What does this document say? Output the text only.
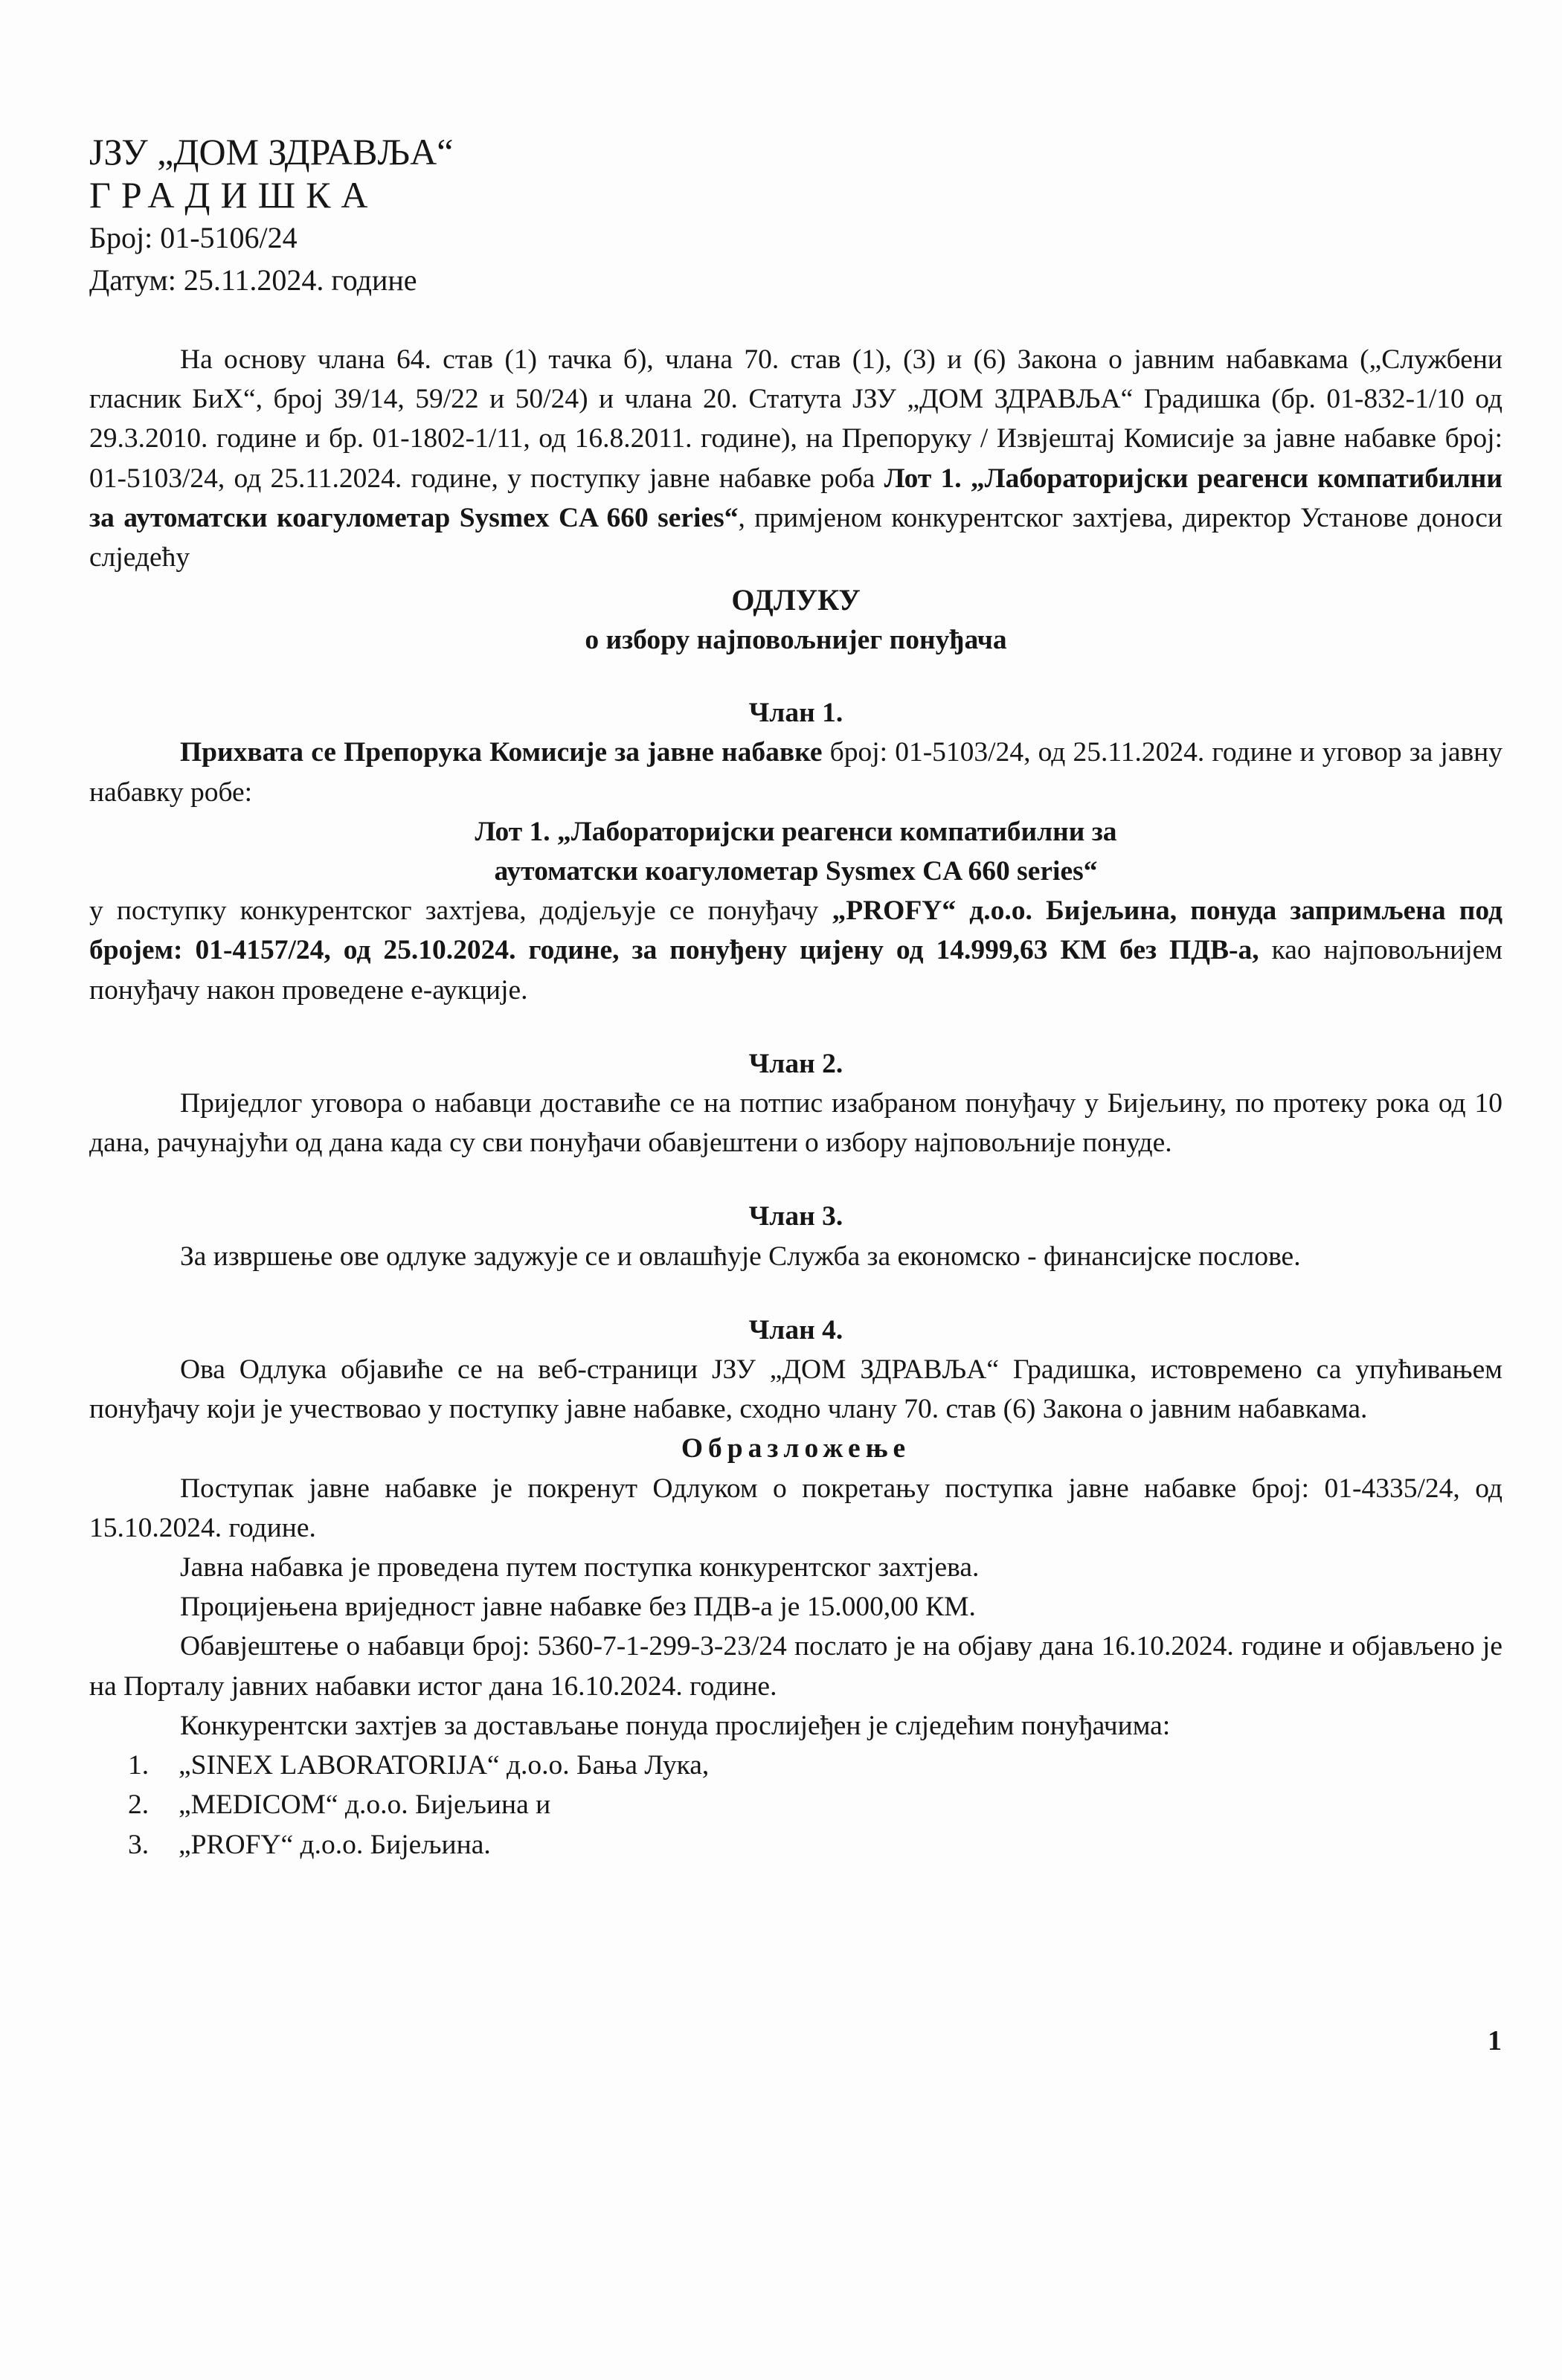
ЈЗУ „ДОМ ЗДРАВЉА“
ГРАДИШКА
Број: 01-5106/24
Датум: 25.11.2024. године

На основу члана 64. став (1) тачка б), члана 70. став (1), (3) и (6) Закона о јавним набавкама („Службени гласник БиХ“, број 39/14, 59/22 и 50/24) и члана 20. Статута ЈЗУ „ДОМ ЗДРАВЉА“ Градишка (бр. 01-832-1/10 од 29.3.2010. године и бр. 01-1802-1/11, од 16.8.2011. године), на Препоруку / Извјештај Комисије за јавне набавке број: 01-5103/24, од 25.11.2024. године, у поступку јавне набавке роба Лот 1. „Лабораторијски реагенси компатибилни за аутоматски коагулометар Sysmex CA 660 series“, примјеном конкурентског захтјева, директор Установе доноси слједећу

ОДЛУКУ
о избору најповољнијег понуђача
Члан 1.

Прихвата се Препорука Комисије за јавне набавке број: 01-5103/24, од 25.11.2024. године и уговор за јавну набавку робе:

Лот 1. „Лабораторијски реагенси компатибилни за
аутоматски коагулометар Sysmex CA 660 series“

у поступку конкурентског захтјева, додјељује се понуђачу „PROFY“ д.о.о. Бијељина, понуда запримљена под бројем: 01-4157/24, од 25.10.2024. године, за понуђену цијену од 14.999,63 КМ без ПДВ-а, као најповољнијем понуђачу након проведене е-аукције.

Члан 2.

Приједлог уговора о набавци доставиће се на потпис изабраном понуђачу у Бијељину, по протеку рока од 10 дана, рачунајући од дана када су сви понуђачи обавјештени о избору најповољније понуде.

Члан 3.

За извршење ове одлуке задужује се и овлашћује Служба за економско - финансијске послове.

Члан 4.

Ова Одлука објавиће се на веб-страници ЈЗУ „ДОМ ЗДРАВЉА“ Градишка, истовремено са упућивањем понуђачу који је учествовао у поступку јавне набавке, сходно члану 70. став (6) Закона о јавним набавкама.

Образложење

Поступак јавне набавке је покренут Одлуком о покретању поступка јавне набавке број: 01-4335/24, од 15.10.2024. године.

Јавна набавка је проведена путем поступка конкурентског захтјева.

Процијењена вриједност јавне набавке без ПДВ-а је 15.000,00 КМ.

Обавјештење о набавци број: 5360-7-1-299-3-23/24 послато је на објаву дана 16.10.2024. године и објављено је на Порталу јавних набавки истог дана 16.10.2024. године.

Конкурентски захтјев за достављање понуда прослијеђен је слједећим понуђачима:

1.	„SINEX LABORATORIJA“ д.о.о. Бања Лука,
2.	„MEDICOM“ д.о.о. Бијељина и
3.	„PROFY“ д.о.о. Бијељина.
1
